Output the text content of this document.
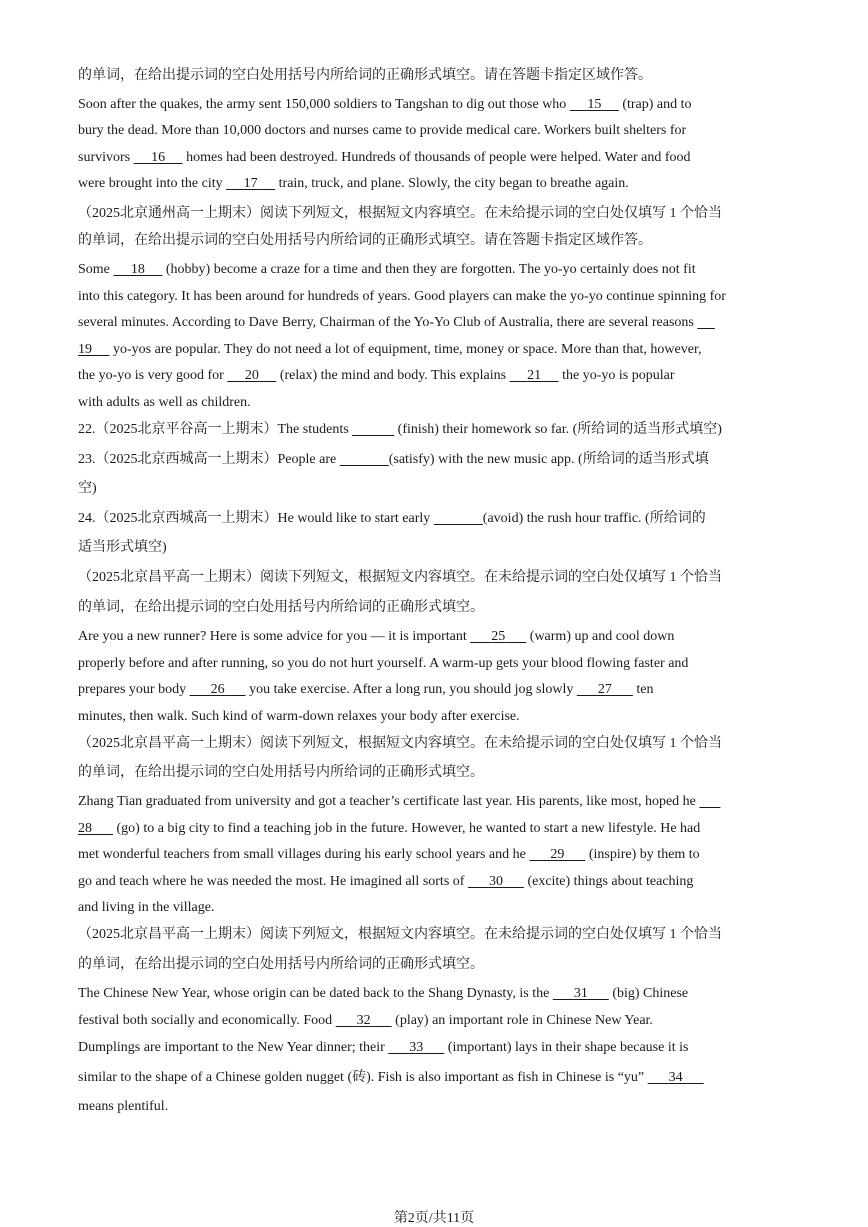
的单词，在给出提示词的空白处用括号内所给词的正确形式填空。请在答题卡指定区域作答。
Soon after the quakes, the army sent 150,000 soldiers to Tangshan to dig out those who 15 (trap) and to
bury the dead. More than 10,000 doctors and nurses came to provide medical care. Workers built shelters for
survivors 16 homes had been destroyed. Hundreds of thousands of people were helped. Water and food
were brought into the city 17 train, truck, and plane. Slowly, the city began to breathe again.
（2025北京通州高一上期末）阅读下列短文，根据短文内容填空。在未给提示词的空白处仅填写 1 个恰当
的单词，在给出提示词的空白处用括号内所给词的正确形式填空。请在答题卡指定区域作答。
Some 18 (hobby) become a craze for a time and then they are forgotten. The yo-yo certainly does not fit
into this category. It has been around for hundreds of years. Good players can make the yo-yo continue spinning for
several minutes. According to Dave Berry, Chairman of the Yo-Yo Club of Australia, there are several reasons
19 yo-yos are popular. They do not need a lot of equipment, time, money or space. More than that, however,
the yo-yo is very good for 20 (relax) the mind and body. This explains 21 the yo-yo is popular
with adults as well as children.
22.（2025北京平谷高一上期末）The students	(finish) their homework so far. (所给词的适当形式填空)
23.（2025北京西城高一上期末）People are	(satisfy) with the new music app. (所给词的适当形式填
空)
24.（2025北京西城高一上期末）He would like to start early	(avoid) the rush hour traffic. (所给词的
适当形式填空)
（2025北京昌平高一上期末）阅读下列短文，根据短文内容填空。在未给提示词的空白处仅填写 1 个恰当
的单词，在给出提示词的空白处用括号内所给词的正确形式填空。
Are you a new runner? Here is some advice for you — it is important 25 (warm) up and cool down
properly before and after running, so you do not hurt yourself. A warm-up gets your blood flowing faster and
prepares your body 26 you take exercise. After a long run, you should jog slowly 27 ten
minutes, then walk. Such kind of warm-down relaxes your body after exercise.
（2025北京昌平高一上期末）阅读下列短文，根据短文内容填空。在未给提示词的空白处仅填写 1 个恰当
的单词，在给出提示词的空白处用括号内所给词的正确形式填空。
Zhang Tian graduated from university and got a teacher’s certificate last year. His parents, like most, hoped he
28 (go) to a big city to find a teaching job in the future. However, he wanted to start a new lifestyle. He had
met wonderful teachers from small villages during his early school years and he 29 (inspire) by them to
go and teach where he was needed the most. He imagined all sorts of 30 (excite) things about teaching
and living in the village.
（2025北京昌平高一上期末）阅读下列短文，根据短文内容填空。在未给提示词的空白处仅填写 1 个恰当
的单词，在给出提示词的空白处用括号内所给词的正确形式填空。
The Chinese New Year, whose origin can be dated back to the Shang Dynasty, is the 31 (big) Chinese
festival both socially and economically. Food 32 (play) an important role in Chinese New Year.
Dumplings are important to the New Year dinner; their 33 (important) lays in their shape because it is
similar to the shape of a Chinese golden nugget (砖). Fish is also important as fish in Chinese is “yu” 34
means plentiful.
第2页/共11页
